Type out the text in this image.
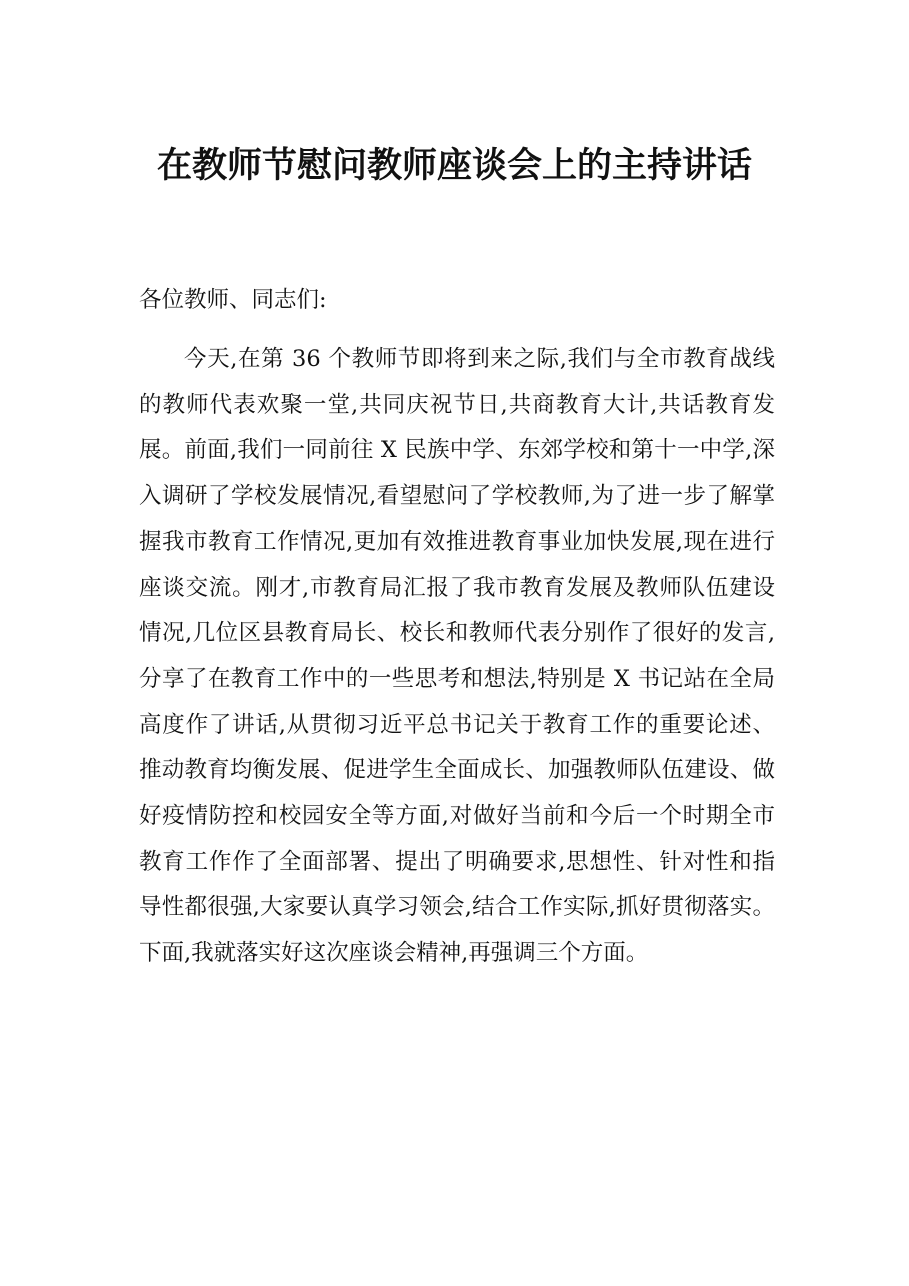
在教师节慰问教师座谈会上的主持讲话

各位教师、同志们:

今天,在第 36 个教师节即将到来之际,我们与全市教育战线的教师代表欢聚一堂,共同庆祝节日,共商教育大计,共话教育发展。前面,我们一同前往 X 民族中学、东郊学校和第十一中学,深入调研了学校发展情况,看望慰问了学校教师,为了进一步了解掌握我市教育工作情况,更加有效推进教育事业加快发展,现在进行座谈交流。刚才,市教育局汇报了我市教育发展及教师队伍建设情况,几位区县教育局长、校长和教师代表分别作了很好的发言,分享了在教育工作中的一些思考和想法,特别是 X 书记站在全局高度作了讲话,从贯彻习近平总书记关于教育工作的重要论述、推动教育均衡发展、促进学生全面成长、加强教师队伍建设、做好疫情防控和校园安全等方面,对做好当前和今后一个时期全市教育工作作了全面部署、提出了明确要求,思想性、针对性和指导性都很强,大家要认真学习领会,结合工作实际,抓好贯彻落实。下面,我就落实好这次座谈会精神,再强调三个方面。
